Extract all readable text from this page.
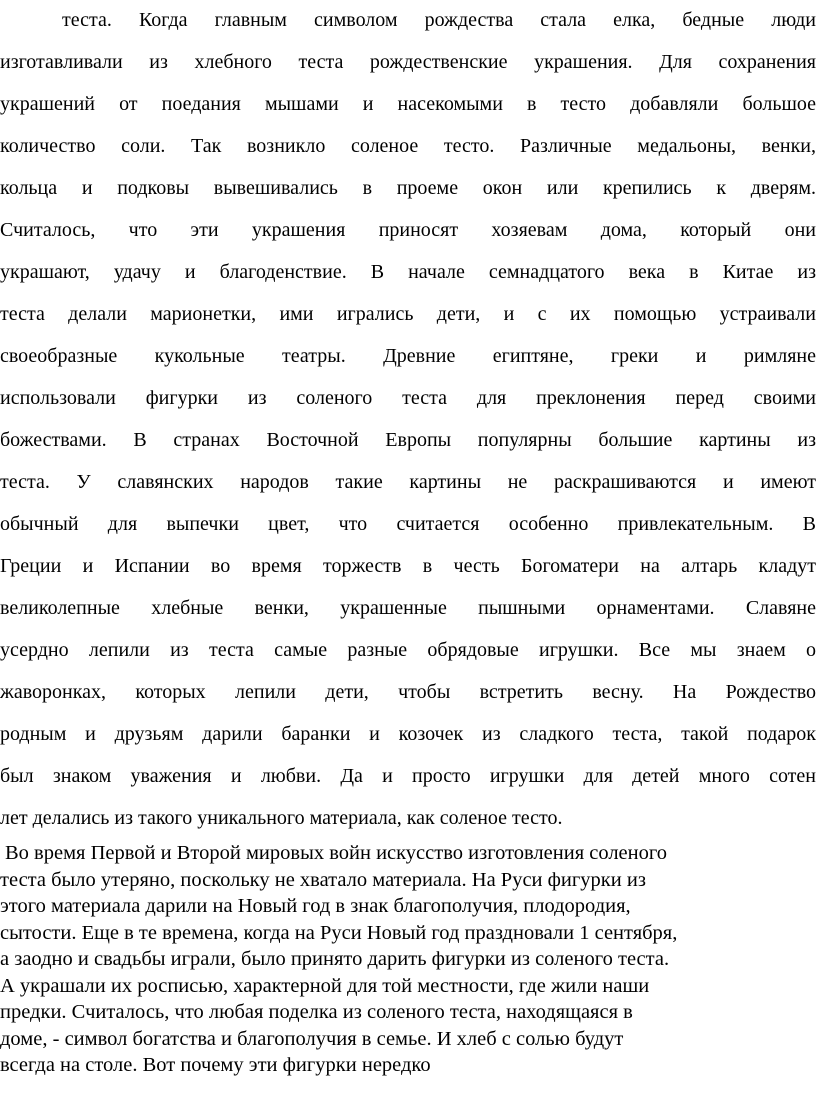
теста. Когда главным символом рождества стала елка, бедные люди
изготавливали из хлебного теста рождественские украшения. Для сохранения
украшений от поедания мышами и насекомыми в тесто добавляли большое
количество соли. Так возникло соленое тесто. Различные медальоны, венки,
кольца и подковы вывешивались в проеме окон или крепились к дверям.
Считалось, что эти украшения приносят хозяевам дома, который они
украшают, удачу и благоденствие. В начале семнадцатого века в Китае из
теста делали марионетки, ими игрались дети, и с их помощью устраивали
своеобразные кукольные театры. Древние египтяне, греки и римляне
использовали фигурки из соленого теста для преклонения перед своими
божествами. В странах Восточной Европы популярны большие картины из
теста. У славянских народов такие картины не раскрашиваются и имеют
обычный для выпечки цвет, что считается особенно привлекательным. В
Греции и Испании во время торжеств в честь Богоматери на алтарь кладут
великолепные хлебные венки, украшенные пышными орнаментами. Славяне
усердно лепили из теста самые разные обрядовые игрушки. Все мы знаем о
жаворонках, которых лепили дети, чтобы встретить весну. На Рождество
родным и друзьям дарили баранки и козочек из сладкого теста, такой подарок
был знаком уважения и любви. Да и просто игрушки для детей много сотен
лет делались из такого уникального материала, как соленое тесто.
Во время Первой и Второй мировых войн искусство изготовления соленого
теста было утеряно, поскольку не хватало материала. На Руси фигурки из
этого материала дарили на Новый год в знак благополучия, плодородия,
сытости. Еще в те времена, когда на Руси Новый год праздновали 1 сентября,
а заодно и свадьбы играли, было принято дарить фигурки из соленого теста.
А украшали их росписью, характерной для той местности, где жили наши
предки. Считалось, что любая поделка из соленого теста, находящаяся в
доме, - символ богатства и благополучия в семье. И хлеб с солью будут
всегда на столе. Вот почему эти фигурки нередко
